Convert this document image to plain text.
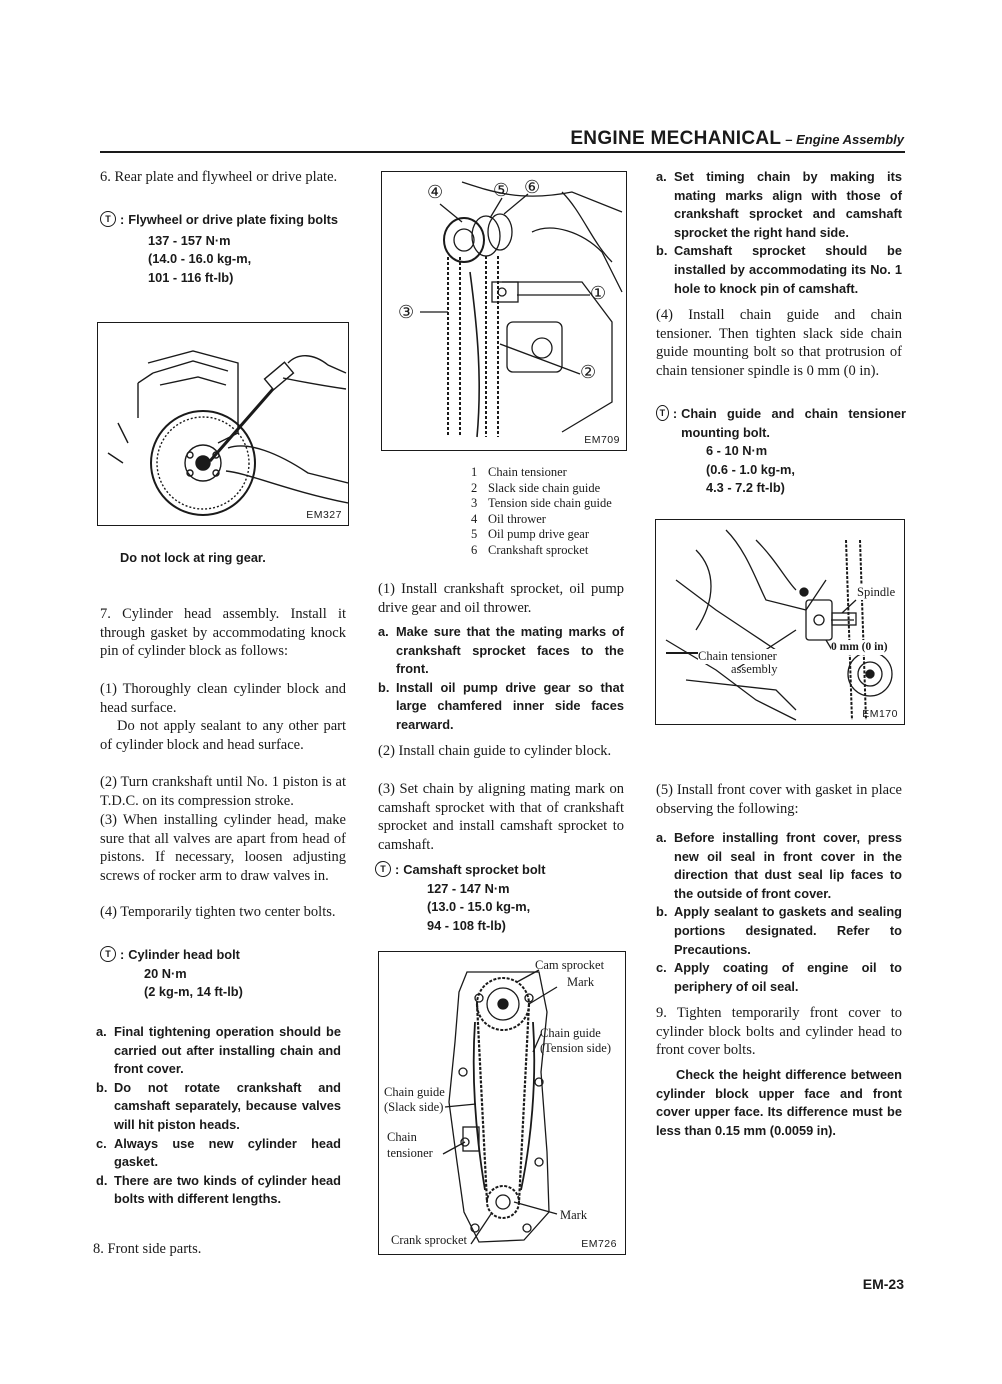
ENGINE MECHANICAL – Engine Assembly
6. Rear plate and flywheel or drive plate.
T : Flywheel or drive plate fixing bolts
137 - 157 N·m
(14.0 - 16.0 kg-m,
101 - 116 ft-lb)
EM327
Do not lock at ring gear.
7. Cylinder head assembly. Install it through gasket by accommodating knock pin of cylinder block as follows:
(1) Thoroughly clean cylinder block and head surface.
Do not apply sealant to any other part of cylinder block and head surface.
(2) Turn crankshaft until No. 1 piston is at T.D.C. on its compression stroke.
(3) When installing cylinder head, make sure that all valves are apart from head of pistons. If necessary, loosen adjusting screws of rocker arm to draw valves in.
(4) Temporarily tighten two center bolts.
T : Cylinder head bolt
20 N·m
(2 kg-m, 14 ft-lb)
a. Final tightening operation should be carried out after installing chain and front cover.
b. Do not rotate crankshaft and camshaft separately, because valves will hit piston heads.
c. Always use new cylinder head gasket.
d. There are two kinds of cylinder head bolts with different lengths.
8. Front side parts.
④	⑤ ⑥
③
①
②
EM709
1 Chain tensioner
2 Slack side chain guide
3 Tension side chain guide
4 Oil thrower
5 Oil pump drive gear
6 Crankshaft sprocket
(1) Install crankshaft sprocket, oil pump drive gear and oil thrower.
a. Make sure that the mating marks of crankshaft sprocket faces to the front.
b. Install oil pump drive gear so that large chamfered inner side faces rearward.
(2) Install chain guide to cylinder block.
(3) Set chain by aligning mating mark on camshaft sprocket with that of crankshaft sprocket and install camshaft sprocket to camshaft.
T : Camshaft sprocket bolt
127 - 147 N·m
(13.0 - 15.0 kg-m,
94 - 108 ft-lb)
Cam sprocket
Mark
Chain guide
(Tension side)
Chain guide
(Slack side)
Chain
tensioner
Mark
Crank sprocket	EM726
a. Set timing chain by making its mating marks align with those of crankshaft sprocket and camshaft sprocket the right hand side.
b. Camshaft sprocket should be installed by accommodating its No. 1 hole to knock pin of camshaft.
(4) Install chain guide and chain tensioner. Then tighten slack side chain guide mounting bolt so that protrusion of chain tensioner spindle is 0 mm (0 in).
T : Chain guide and chain tensioner mounting bolt.
6 - 10 N·m
(0.6 - 1.0 kg-m,
4.3 - 7.2 ft-lb)
Spindle
0 mm (0 in)
Chain tensioner
assembly
EM170
(5) Install front cover with gasket in place observing the following:
a. Before installing front cover, press new oil seal in front cover in the direction that dust seal lip faces to the outside of front cover.
b. Apply sealant to gaskets and sealing portions designated. Refer to Precautions.
c. Apply coating of engine oil to periphery of oil seal.
9. Tighten temporarily front cover to cylinder block bolts and cylinder head to front cover bolts.
Check the height difference between cylinder block upper face and front cover upper face. Its difference must be less than 0.15 mm (0.0059 in).
EM-23
